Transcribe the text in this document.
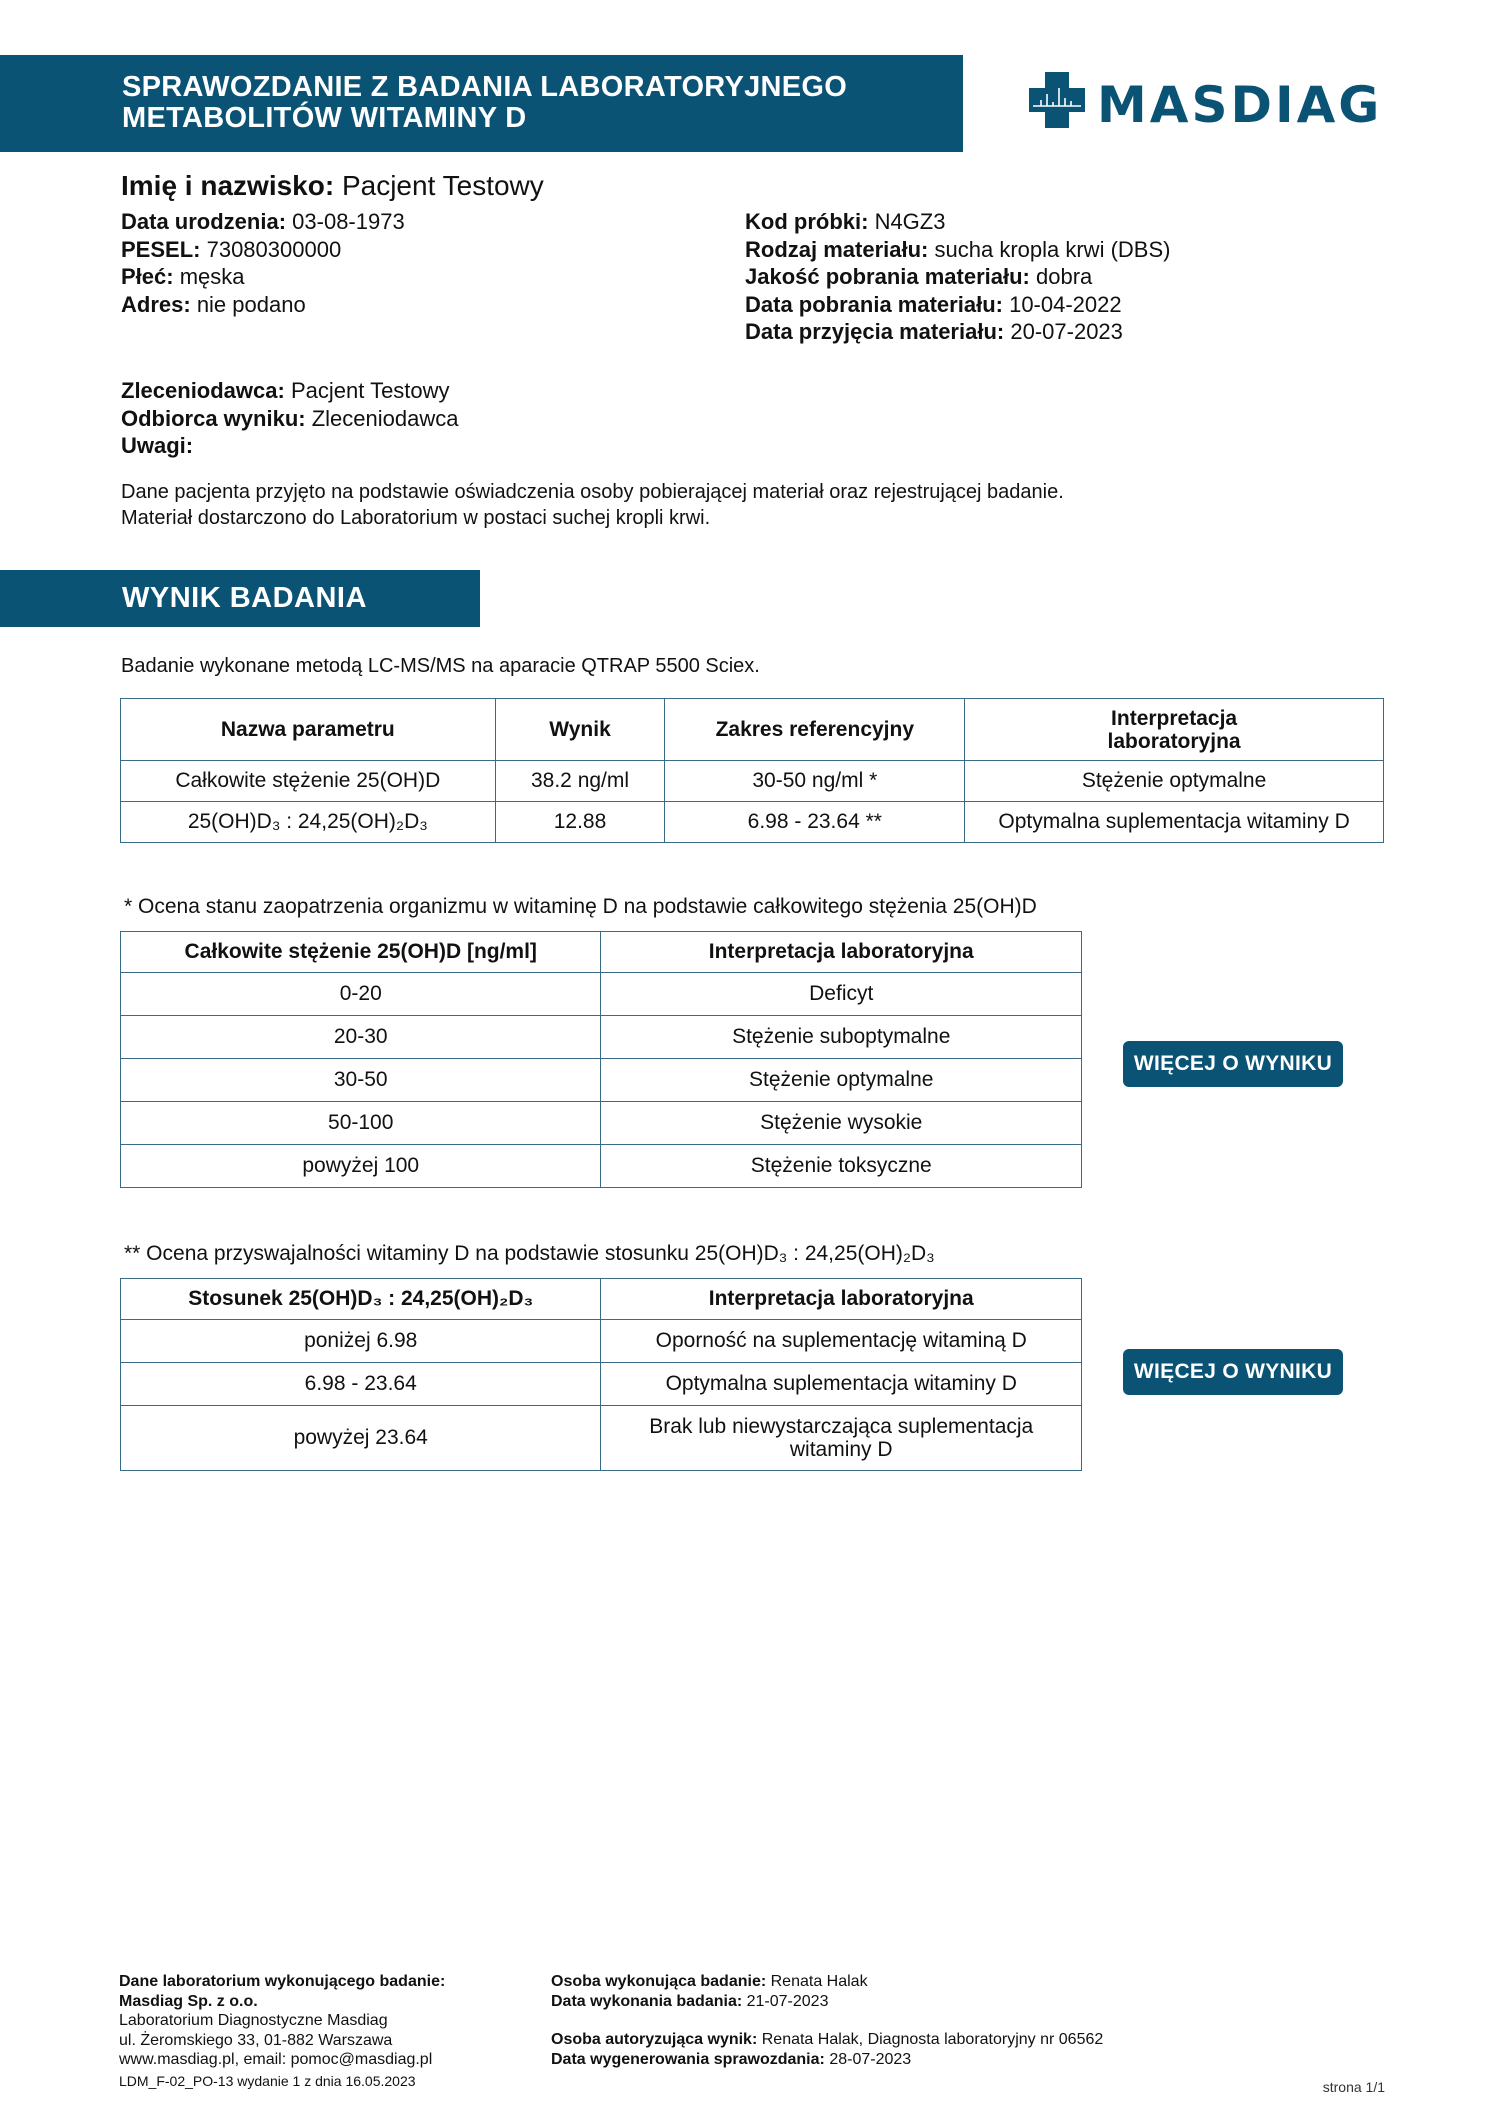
SPRAWOZDANIE Z BADANIA LABORATORYJNEGO
METABOLITÓW WITAMINY D	MASDIAG
Imię i nazwisko: Pacjent Testowy
Data urodzenia: 03-08-1973
PESEL: 73080300000
Płeć: męska
Adres: nie podano
Kod próbki: N4GZ3
Rodzaj materiału: sucha kropla krwi (DBS)
Jakość pobrania materiału: dobra
Data pobrania materiału: 10-04-2022
Data przyjęcia materiału: 20-07-2023
Zleceniodawca: Pacjent Testowy
Odbiorca wyniku: Zleceniodawca
Uwagi:
Dane pacjenta przyjęto na podstawie oświadczenia osoby pobierającej materiał oraz rejestrującej badanie.
Materiał dostarczono do Laboratorium w postaci suchej kropli krwi.
WYNIK BADANIA
Badanie wykonane metodą LC-MS/MS na aparacie QTRAP 5500 Sciex.
Nazwa parametru	Wynik	Zakres referencyjny	Interpretacja laboratoryjna
Całkowite stężenie 25(OH)D	38.2 ng/ml	30-50 ng/ml *	Stężenie optymalne
25(OH)D₃ : 24,25(OH)₂D₃	12.88	6.98 - 23.64 **	Optymalna suplementacja witaminy D
* Ocena stanu zaopatrzenia organizmu w witaminę D na podstawie całkowitego stężenia 25(OH)D
Całkowite stężenie 25(OH)D [ng/ml]	Interpretacja laboratoryjna
0-20	Deficyt
20-30	Stężenie suboptymalne
30-50	Stężenie optymalne
50-100	Stężenie wysokie
powyżej 100	Stężenie toksyczne
WIĘCEJ O WYNIKU
** Ocena przyswajalności witaminy D na podstawie stosunku 25(OH)D₃ : 24,25(OH)₂D₃
Stosunek 25(OH)D₃ : 24,25(OH)₂D₃	Interpretacja laboratoryjna
poniżej 6.98	Oporność na suplementację witaminą D
6.98 - 23.64	Optymalna suplementacja witaminy D
powyżej 23.64	Brak lub niewystarczająca suplementacja witaminy D
WIĘCEJ O WYNIKU
Dane laboratorium wykonującego badanie:
Masdiag Sp. z o.o.
Laboratorium Diagnostyczne Masdiag
ul. Żeromskiego 33, 01-882 Warszawa
www.masdiag.pl, email: pomoc@masdiag.pl
LDM_F-02_PO-13 wydanie 1 z dnia 16.05.2023
Osoba wykonująca badanie: Renata Halak
Data wykonania badania: 21-07-2023
Osoba autoryzująca wynik: Renata Halak, Diagnosta laboratoryjny nr 06562
Data wygenerowania sprawozdania: 28-07-2023
strona 1/1
